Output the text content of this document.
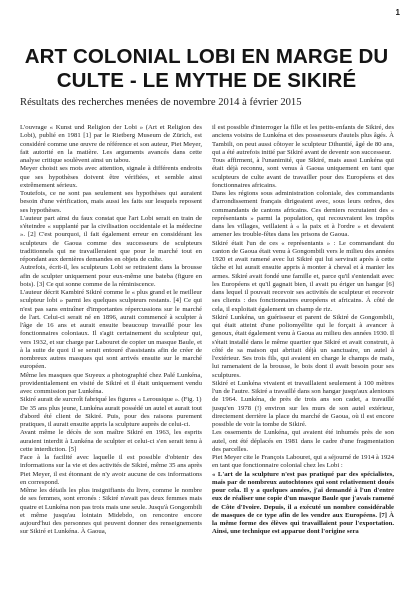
1
ART COLONIAL LOBI EN MARGE DU CULTE - LE MYTHE DE SIKIRÉ
Résultats des recherches menées de novembre 2014 à février 2015

L'ouvrage « Kunst und Religion der Lobi » (Art et Religion des Lobi), publié en 1981 [1] par le Rietberg Museum de Zürich, est considéré comme une œuvre de référence et son auteur, Piet Meyer, fait autorité en la matière. Les arguments avancés dans cette analyse critique soulèvent ainsi un tabou.

Meyer choisit ses mots avec attention, signale à différents endroits que ses hypothèses doivent être vérifiées, et semble ainsi extrêmement sérieux.

Toutefois, ce ne sont pas seulement ses hypothèses qui auraient besoin d'une vérification, mais aussi les faits sur lesquels reposent ses hypothèses.

L'auteur part ainsi du faux constat que l'art Lobi serait en train de s'éteindre « supplanté par la civilisation occidentale et la médecine ». [2] C'est pourquoi, il fait également erreur en considérant les sculpteurs de Gaoua comme des successeurs de sculpteurs traditionnels qui ne travailleraient que pour le marché tout en répondant aux dernières demandes en objets de culte.

Autrefois, écrit-il, les sculpteurs Lobi se retiraient dans la brousse afin de sculpter uniquement pour eux-même une bateba (figure en bois). [3] Ce qui sonne comme de la réminiscence.

L'auteur décrit Kambiré Sikiré comme le « plus grand et le meilleur sculpteur lobi » parmi les quelques sculpteurs restants. [4] Ce qui n'est pas sans entraîner d'importantes répercussions sur le marché de l'art. Celui-ci serait né en 1896, aurait commencé à sculpter à l'âge de 16 ans et aurait ensuite beaucoup travaillé pour les fonctionnaires coloniaux. Il s'agit certainement du sculpteur qui, vers 1932, et sur charge par Labouret de copier un masque Baule, et à la suite de quoi il se serait entouré d'assistants afin de créer de nombreux autres masques qui sont arrivés ensuite sur le marché européen.

Même les masques que Suyeux a photographié chez Palé Lunkéna, providentialement en visité de Sikiré et il était uniquement vendu avec commission par Lunkéna.

Sikiré aurait de surcroît fabriqué les figures « Lerousique ». (Fig. 1)

De 35 ans plus jeune, Lunkéna aurait possédé un autel et aurait tout d'abord été client de Sikiré. Puis, pour des raisons purement pratiques, il aurait ensuite appris la sculpture auprès de celui-ci.

Avant même le décès de son maître Sikiré en 1963, les esprits auraient interdit à Lunkéna de sculpter et celui-ci s'en serait tenu à cette interdiction. [5]

Face à la facilité avec laquelle il est possible d'obtenir des informations sur la vie et des activités de Sikiré, même 35 ans après Piet Meyer, il est étonnant de n'y avoir aucune de ces informations en correspond.

Même les détails les plus insignifiants du livre, comme le nombre de ses femmes, sont erronés : Sikiré n'avait pas deux femmes mais quatre et Lunkéna non pas trois mais une seule. Jusqu'à Gongombili et même jusqu'au lointain Midebdo, on rencontre encore aujourd'hui des personnes qui peuvent donner des renseignements sur Sikiré et Lunkéna. À Gaoua,

il est possible d'interroger la fille et les petits-enfants de Sikiré, des anciens voisins de Lunkéna et des possesseurs d'autels plus âgés. À Tambili, on peut aussi côtoyer le sculpteur Dihuntié, âgé de 80 ans, qui a été autrefois initié par Sikiré avant de devenir son successeur.

Tous affirment, à l'unanimité, que Sikiré, mais aussi Lunkéna qui était déjà reconnu, sont venus à Gaoua uniquement en tant que sculpteurs de culte avant de travailler pour des Européens et des fonctionnaires africains.

Dans les régions sous administration coloniale, des commandants d'arrondissement français dirigeaient avec, sous leurs ordres, des commandants de cantons africains. Ces derniers recrutaient des « représentants » parmi la population, qui recouvraient les impôts dans les villages, veillaient à « la paix et à l'ordre » et devaient amener les trouble-fêtes dans les prisons de Gaoua.

Sikiré était l'un de ces « représentants » : Le commandant du canton de Gaoua était venu à Gongombili vers le milieu des années 1920 et avait ramené avec lui Sikiré qui lui servirait après à cette tâche et lui aurait ensuite appris à monter à cheval et à manier les armes. Sikiré avait fondé une famille et, parce qu'il s'entendait avec les Européens et qu'il gagnait bien, il avait pu ériger un hangar [6] dans lequel il pouvait recevoir ses activités de sculpteur et recevoir ses clients : des fonctionnaires européens et africains. À côté de cela, il exploitait également un champ de riz.

Sikiré Lunkéna, un guérisseur et parent de Sikiré de Gongombili, qui était atteint d'une poliomyélite qui le forçait à avancer à genoux, était également venu à Gaoua au milieu des années 1930. Il s'était installé dans le même quartier que Sikiré et avait construit, à côté de sa maison qui abritait déjà un sanctuaire, un autel à l'extérieur. Ses trois fils, qui avaient en charge le champs de maïs, lui ramenaient de la brousse, le bois dont il avait besoin pour ses sculptures.

Sikiré et Lunkéna vivaient et travaillaient seulement à 100 mètres l'un de l'autre. Sikiré a travaillé dans son hangar jusqu'aux alentours de 1964. Lunkéna, de près de trois ans son cadet, a travaillé jusqu'en 1978 (!) environ sur les murs de son autel extérieur, directement derrière la place du marché de Gaoua, où il est encore possible de voir la tombe de Sikiré.

Les ossements de Lunkéna, qui avaient été inhumés près de son autel, ont été déplacés en 1981 dans le cadre d'une fragmentation des parcelles.

Piet Meyer cite le François Labouret, qui a séjourné de 1914 à 1924 en tant que fonctionnaire colonial chez les Lobi :

« L'art de la sculpture n'est pas pratiqué par des spécialistes, mais par de nombreux autochtones qui sont relativement doués pour cela. Il y a quelques années, j'ai demandé à l'un d'entre eux de réaliser une copie d'un masque Baule que j'avais ramené de Côte d'Ivoire. Depuis, il a exécuté un nombre considérable de masques de ce type afin de les vendre aux Européens. [7] À la même forme des élèves qui travaillaient pour l'exportation. Ainsi, une technique est apparue dont l'origine sera
